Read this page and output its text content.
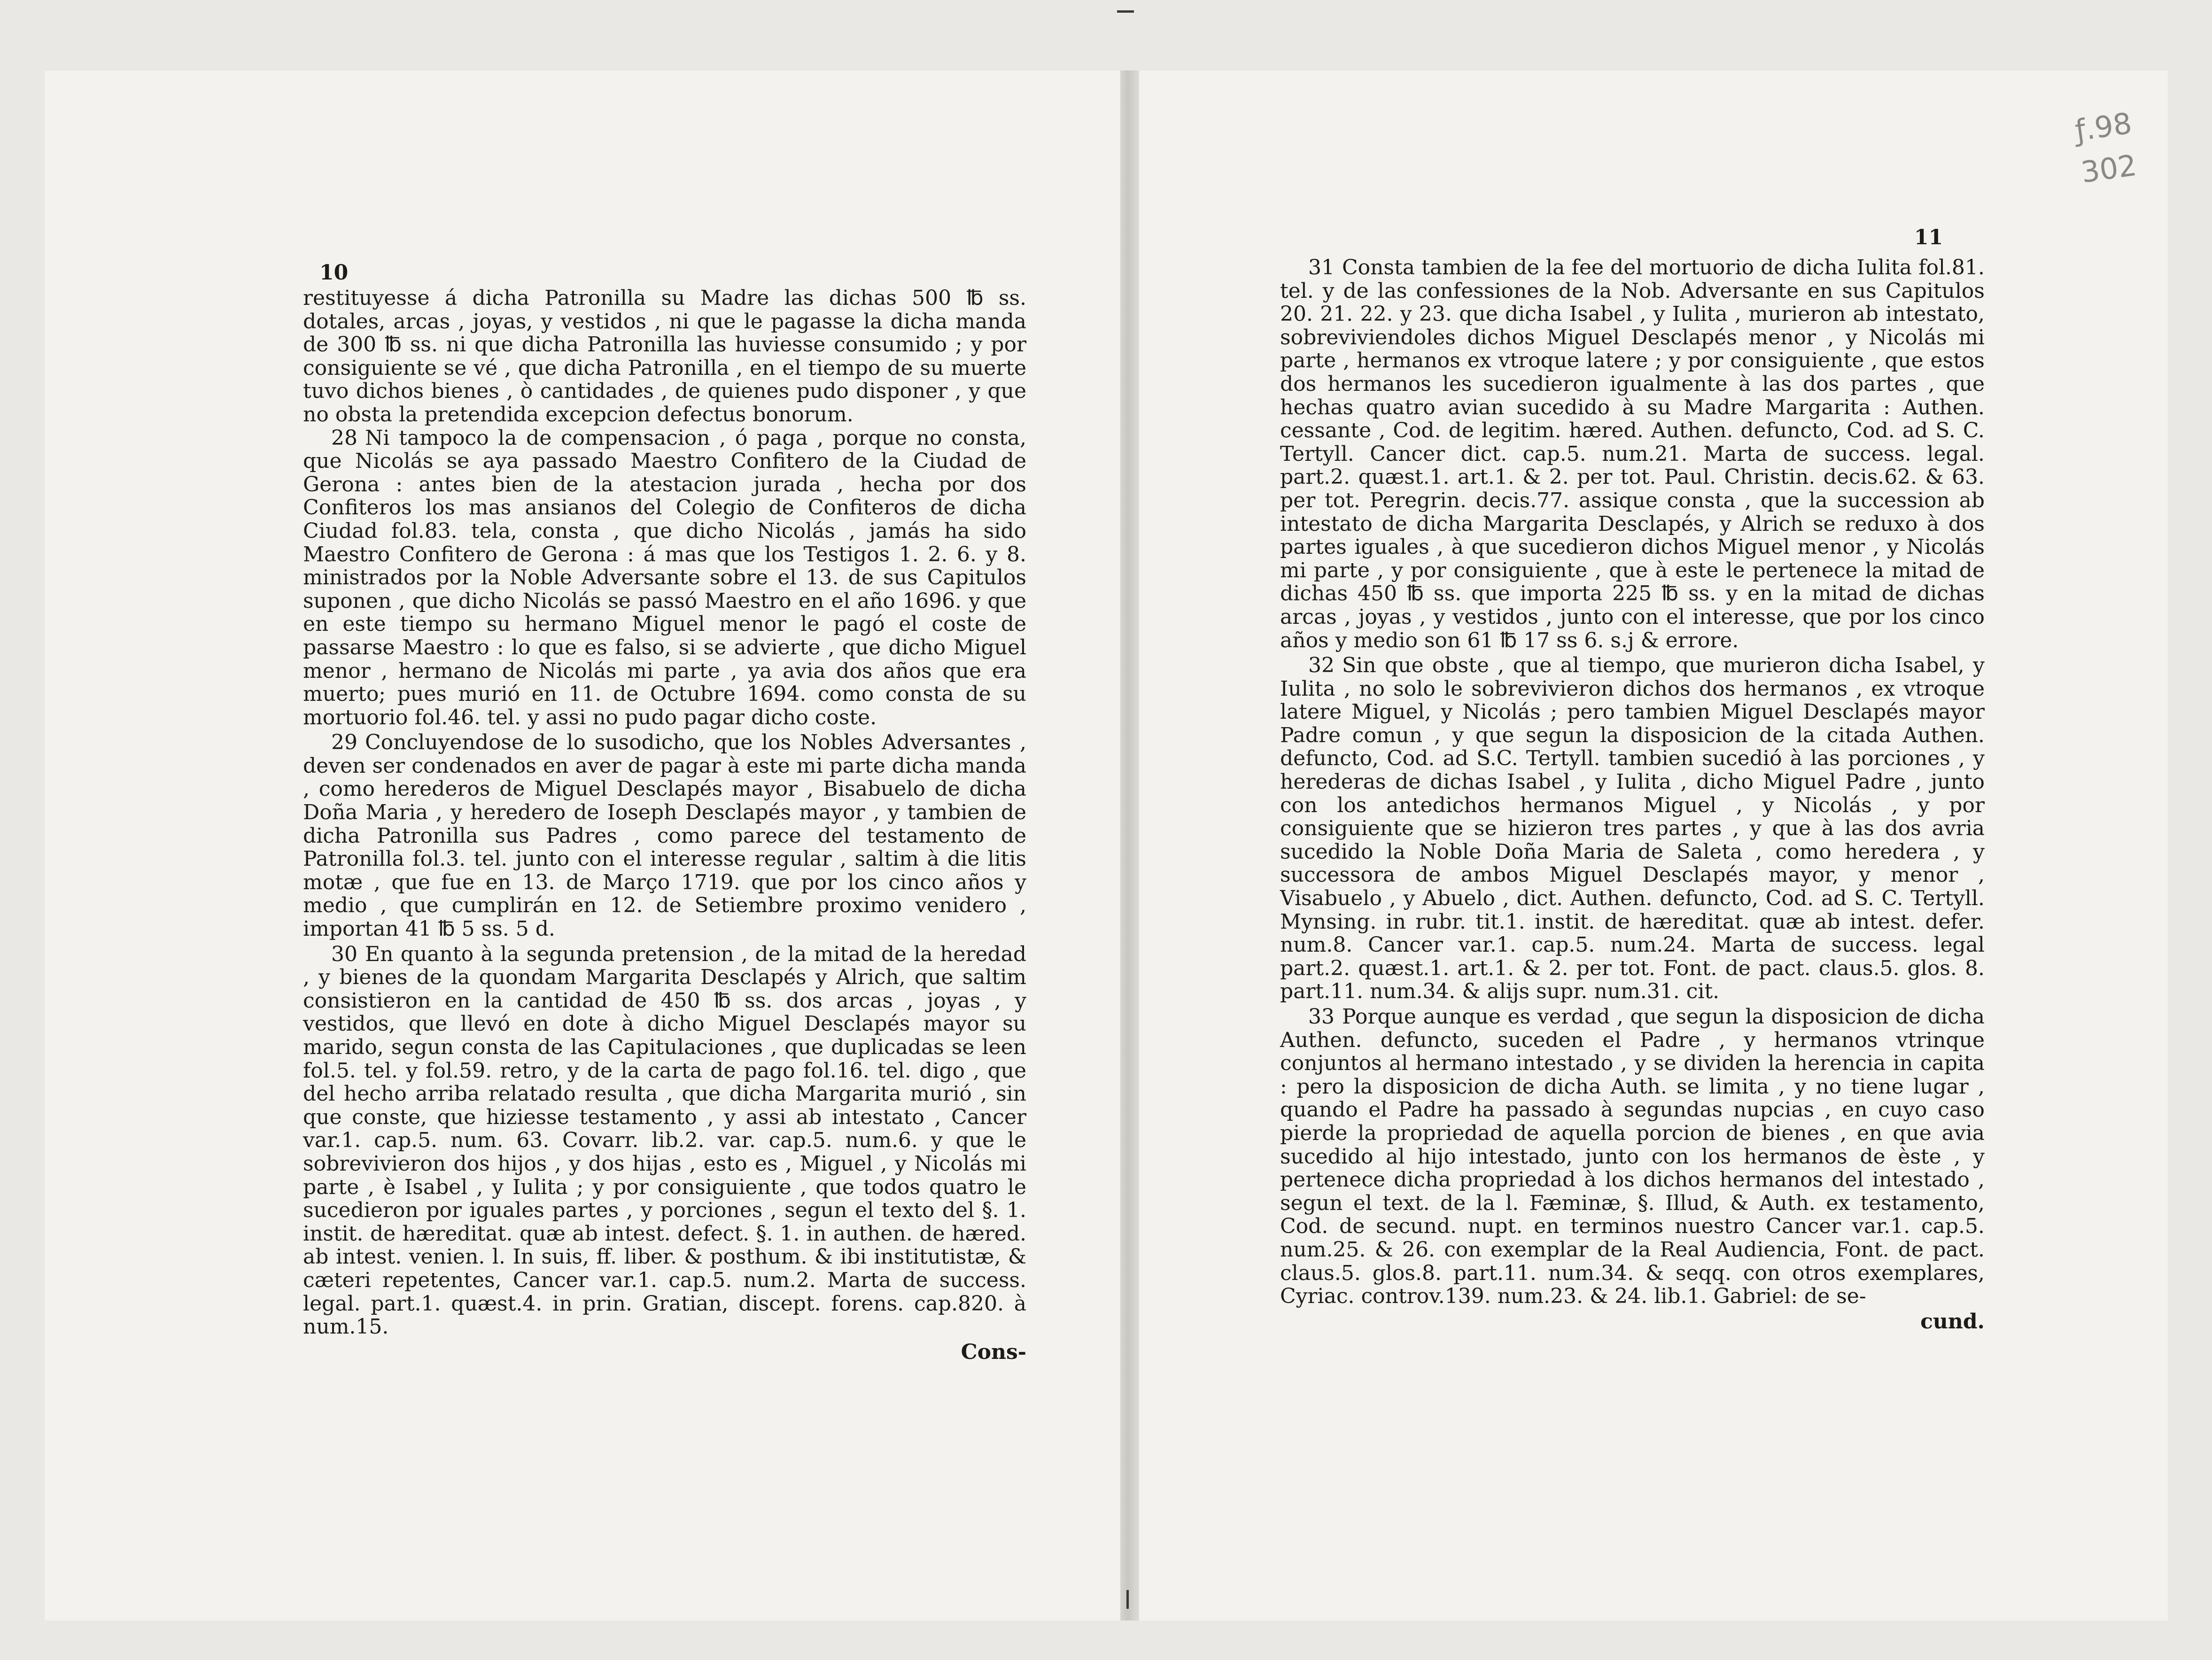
10

restituyesse á dicha Patronilla su Madre las dichas 500 ℔ ss. dotales, arcas , joyas, y vestidos , ni que le pagasse la dicha manda de 300 ℔ ss. ni que dicha Patronilla las huviesse consumido ; y por consiguiente se vé , que dicha Patronilla , en el tiempo de su muerte tuvo dichos bienes , ò cantidades , de quienes pudo disponer , y que no obsta la pretendida excepcion defectus bonorum.

28 Ni tampoco la de compensacion , ó paga , porque no consta, que Nicolás se aya passado Maestro Confitero de la Ciudad de Gerona : antes bien de la atestacion jurada , hecha por dos Confiteros los mas ansianos del Colegio de Confiteros de dicha Ciudad fol.83. tela, consta , que dicho Nicolás , jamás ha sido Maestro Confitero de Gerona : á mas que los Testigos 1. 2. 6. y 8. ministrados por la Noble Adversante sobre el 13. de sus Capitulos suponen , que dicho Nicolás se passó Maestro en el año 1696. y que en este tiempo su hermano Miguel menor le pagó el coste de passarse Maestro : lo que es falso, si se advierte , que dicho Miguel menor , hermano de Nicolás mi parte , ya avia dos años que era muerto; pues murió en 11. de Octubre 1694. como consta de su mortuorio fol.46. tel. y assi no pudo pagar dicho coste.

29 Concluyendose de lo susodicho, que los Nobles Adversantes , deven ser condenados en aver de pagar à este mi parte dicha manda , como herederos de Miguel Desclapés mayor , Bisabuelo de dicha Doña Maria , y heredero de Ioseph Desclapés mayor , y tambien de dicha Patronilla sus Padres , como parece del testamento de Patronilla fol.3. tel. junto con el interesse regular , saltim à die litis motæ , que fue en 13. de Março 1719. que por los cinco años y medio , que cumplirán en 12. de Setiembre proximo venidero , importan 41 ℔ 5 ss. 5 d.

30 En quanto à la segunda pretension , de la mitad de la heredad , y bienes de la quondam Margarita Desclapés y Alrich, que saltim consistieron en la cantidad de 450 ℔ ss. dos arcas , joyas , y vestidos, que llevó en dote à dicho Miguel Desclapés mayor su marido, segun consta de las Capitulaciones , que duplicadas se leen fol.5. tel. y fol.59. retro, y de la carta de pago fol.16. tel. digo , que del hecho arriba relatado resulta , que dicha Margarita murió , sin que conste, que hiziesse testamento , y assi ab intestato , Cancer var.1. cap.5. num. 63. Covarr. lib.2. var. cap.5. num.6. y que le sobrevivieron dos hijos , y dos hijas , esto es , Miguel , y Nicolás mi parte , è Isabel , y Iulita ; y por consiguiente , que todos quatro le sucedieron por iguales partes , y porciones , segun el texto del §. 1. instit. de hæreditat. quæ ab intest. defect. §. 1. in authen. de hæred. ab intest. venien. l. In suis, ff. liber. & posthum. & ibi institutistæ, & cæteri repetentes, Cancer var.1. cap.5. num.2. Marta de success. legal. part.1. quæst.4. in prin. Gratian, discept. forens. cap.820. à num.15.

Cons-

11

31 Consta tambien de la fee del mortuorio de dicha Iulita fol.81. tel. y de las confessiones de la Nob. Adversante en sus Capitulos 20. 21. 22. y 23. que dicha Isabel , y Iulita , murieron ab intestato, sobreviviendoles dichos Miguel Desclapés menor , y Nicolás mi parte , hermanos ex vtroque latere ; y por consiguiente , que estos dos hermanos les sucedieron igualmente à las dos partes , que hechas quatro avian sucedido à su Madre Margarita : Authen. cessante , Cod. de legitim. hæred. Authen. defuncto, Cod. ad S. C. Tertyll. Cancer dict. cap.5. num.21. Marta de success. legal. part.2. quæst.1. art.1. & 2. per tot. Paul. Christin. decis.62. & 63. per tot. Peregrin. decis.77. assique consta , que la succession ab intestato de dicha Margarita Desclapés, y Alrich se reduxo à dos partes iguales , à que sucedieron dichos Miguel menor , y Nicolás mi parte , y por consiguiente , que à este le pertenece la mitad de dichas 450 ℔ ss. que importa 225 ℔ ss. y en la mitad de dichas arcas , joyas , y vestidos , junto con el interesse, que por los cinco años y medio son 61 ℔ 17 ss 6. s.j & errore.

32 Sin que obste , que al tiempo, que murieron dicha Isabel, y Iulita , no solo le sobrevivieron dichos dos hermanos , ex vtroque latere Miguel, y Nicolás ; pero tambien Miguel Desclapés mayor Padre comun , y que segun la disposicion de la citada Authen. defuncto, Cod. ad S.C. Tertyll. tambien sucedió à las porciones , y herederas de dichas Isabel , y Iulita , dicho Miguel Padre , junto con los antedichos hermanos Miguel , y Nicolás , y por consiguiente que se hizieron tres partes , y que à las dos avria sucedido la Noble Doña Maria de Saleta , como heredera , y successora de ambos Miguel Desclapés mayor, y menor , Visabuelo , y Abuelo , dict. Authen. defuncto, Cod. ad S. C. Tertyll. Mynsing. in rubr. tit.1. instit. de hæreditat. quæ ab intest. defer. num.8. Cancer var.1. cap.5. num.24. Marta de success. legal part.2. quæst.1. art.1. & 2. per tot. Font. de pact. claus.5. glos. 8. part.11. num.34. & alijs supr. num.31. cit.

33 Porque aunque es verdad , que segun la disposicion de dicha Authen. defuncto, suceden el Padre , y hermanos vtrinque conjuntos al hermano intestado , y se dividen la herencia in capita : pero la disposicion de dicha Auth. se limita , y no tiene lugar , quando el Padre ha passado à segundas nupcias , en cuyo caso pierde la propriedad de aquella porcion de bienes , en que avia sucedido al hijo intestado, junto con los hermanos de èste , y pertenece dicha propriedad à los dichos hermanos del intestado , segun el text. de la l. Fæminæ, §. Illud, & Auth. ex testamento, Cod. de secund. nupt. en terminos nuestro Cancer var.1. cap.5. num.25. & 26. con exemplar de la Real Audiencia, Font. de pact. claus.5. glos.8. part.11. num.34. & seqq. con otros exemplares, Cyriac. controv.139. num.23. & 24. lib.1. Gabriel: de se-

cund.

ƒ.98
302
